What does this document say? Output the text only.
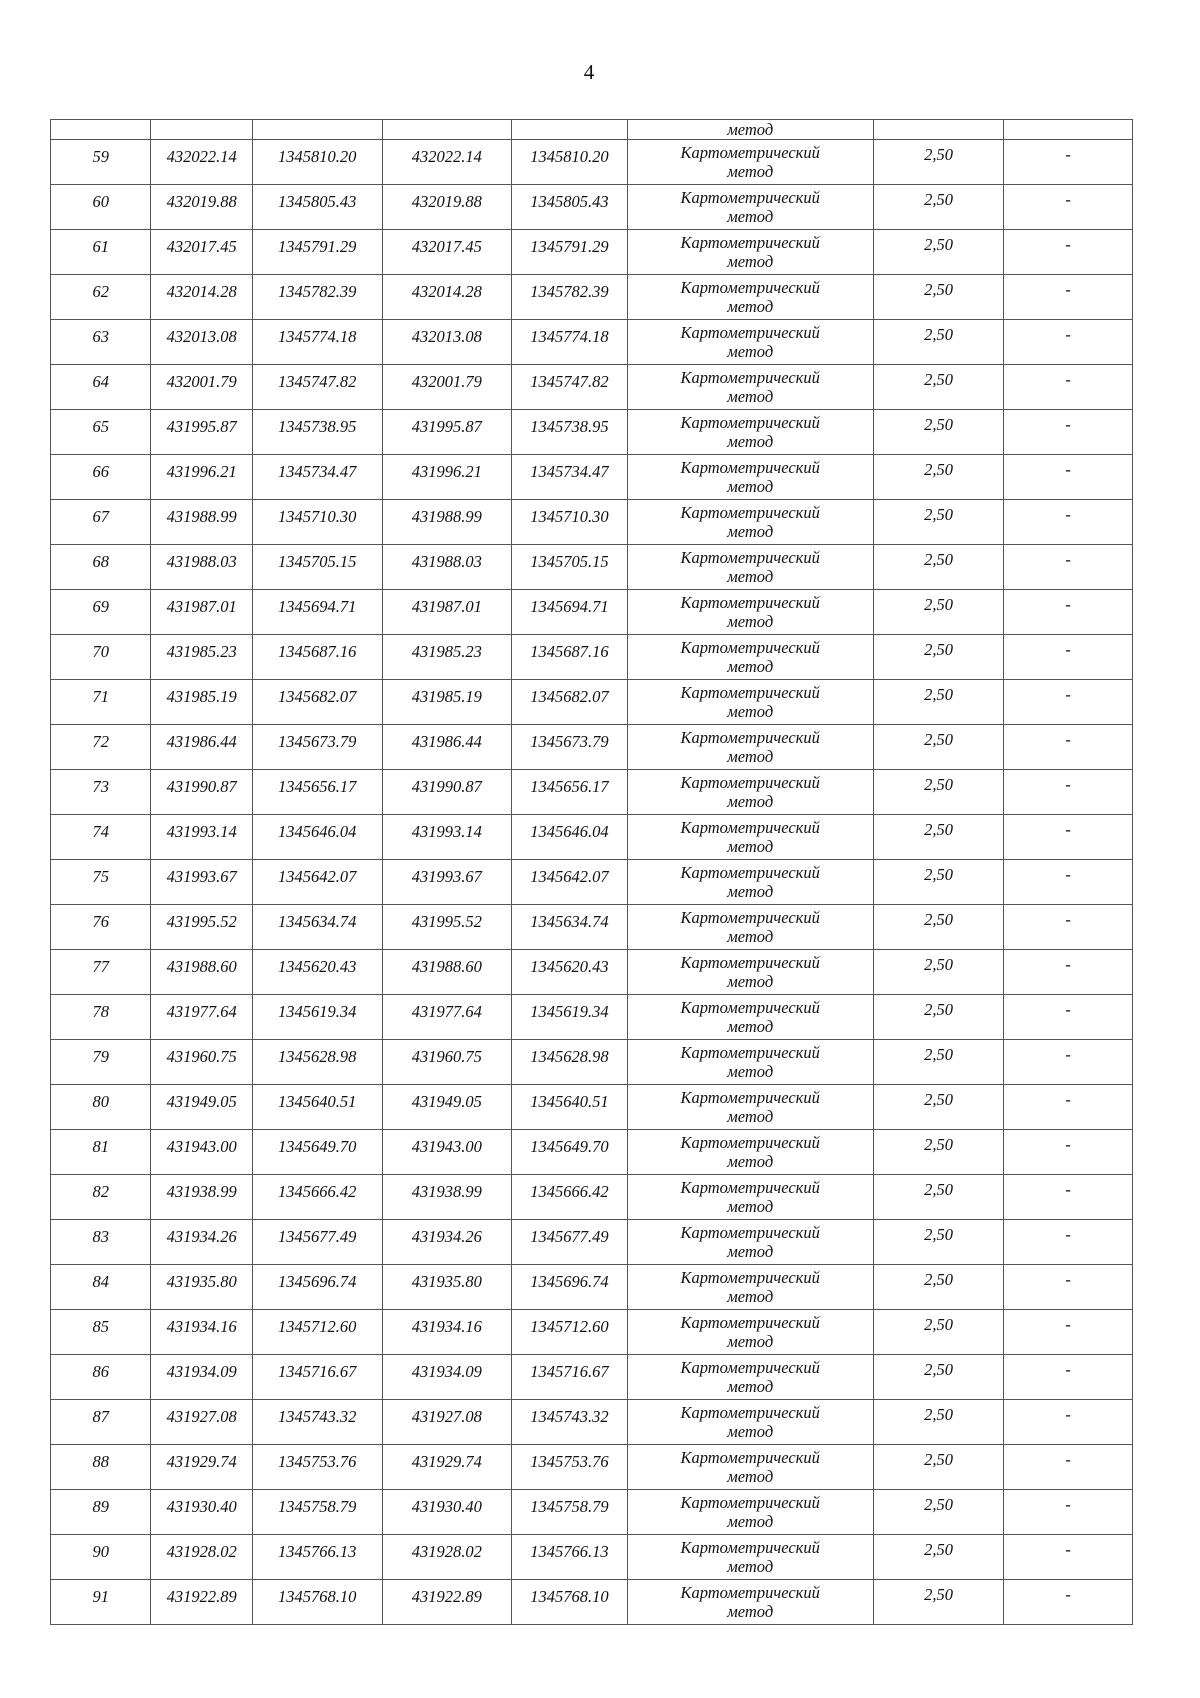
4
					метод		
59	432022.14	1345810.20	432022.14	1345810.20	Картометрический
метод	2,50	-
60	432019.88	1345805.43	432019.88	1345805.43	Картометрический
метод	2,50	-
61	432017.45	1345791.29	432017.45	1345791.29	Картометрический
метод	2,50	-
62	432014.28	1345782.39	432014.28	1345782.39	Картометрический
метод	2,50	-
63	432013.08	1345774.18	432013.08	1345774.18	Картометрический
метод	2,50	-
64	432001.79	1345747.82	432001.79	1345747.82	Картометрический
метод	2,50	-
65	431995.87	1345738.95	431995.87	1345738.95	Картометрический
метод	2,50	-
66	431996.21	1345734.47	431996.21	1345734.47	Картометрический
метод	2,50	-
67	431988.99	1345710.30	431988.99	1345710.30	Картометрический
метод	2,50	-
68	431988.03	1345705.15	431988.03	1345705.15	Картометрический
метод	2,50	-
69	431987.01	1345694.71	431987.01	1345694.71	Картометрический
метод	2,50	-
70	431985.23	1345687.16	431985.23	1345687.16	Картометрический
метод	2,50	-
71	431985.19	1345682.07	431985.19	1345682.07	Картометрический
метод	2,50	-
72	431986.44	1345673.79	431986.44	1345673.79	Картометрический
метод	2,50	-
73	431990.87	1345656.17	431990.87	1345656.17	Картометрический
метод	2,50	-
74	431993.14	1345646.04	431993.14	1345646.04	Картометрический
метод	2,50	-
75	431993.67	1345642.07	431993.67	1345642.07	Картометрический
метод	2,50	-
76	431995.52	1345634.74	431995.52	1345634.74	Картометрический
метод	2,50	-
77	431988.60	1345620.43	431988.60	1345620.43	Картометрический
метод	2,50	-
78	431977.64	1345619.34	431977.64	1345619.34	Картометрический
метод	2,50	-
79	431960.75	1345628.98	431960.75	1345628.98	Картометрический
метод	2,50	-
80	431949.05	1345640.51	431949.05	1345640.51	Картометрический
метод	2,50	-
81	431943.00	1345649.70	431943.00	1345649.70	Картометрический
метод	2,50	-
82	431938.99	1345666.42	431938.99	1345666.42	Картометрический
метод	2,50	-
83	431934.26	1345677.49	431934.26	1345677.49	Картометрический
метод	2,50	-
84	431935.80	1345696.74	431935.80	1345696.74	Картометрический
метод	2,50	-
85	431934.16	1345712.60	431934.16	1345712.60	Картометрический
метод	2,50	-
86	431934.09	1345716.67	431934.09	1345716.67	Картометрический
метод	2,50	-
87	431927.08	1345743.32	431927.08	1345743.32	Картометрический
метод	2,50	-
88	431929.74	1345753.76	431929.74	1345753.76	Картометрический
метод	2,50	-
89	431930.40	1345758.79	431930.40	1345758.79	Картометрический
метод	2,50	-
90	431928.02	1345766.13	431928.02	1345766.13	Картометрический
метод	2,50	-
91	431922.89	1345768.10	431922.89	1345768.10	Картометрический
метод	2,50	-
